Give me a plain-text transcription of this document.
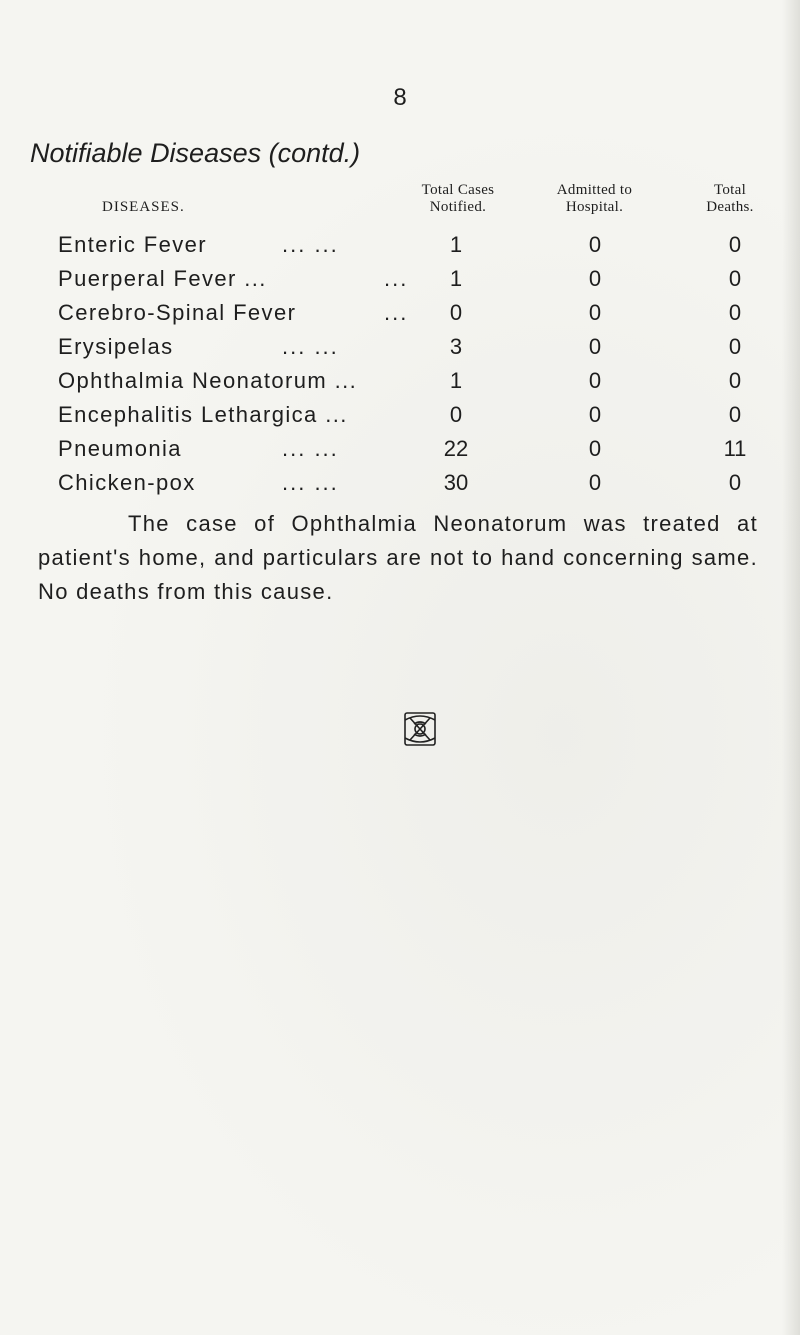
8
Notifiable Diseases (contd.)
DISEASES.
Total Cases
Notified.
Admitted to
Hospital.
Total
Deaths.
Enteric Fever	... ...	1	0	0
Puerperal Fever ...	...	1	0	0
Cerebro-Spinal Fever	...	0	0	0
Erysipelas	... ...	3	0	0
Ophthalmia Neonatorum ...	1	0	0
Encephalitis Lethargica ...	0	0	0
Pneumonia	... ...	22	0	11
Chicken-pox	... ...	30	0	0
The case of Ophthalmia Neonatorum was treated at patient's home, and particulars are not to hand concerning same. No deaths from this cause.
